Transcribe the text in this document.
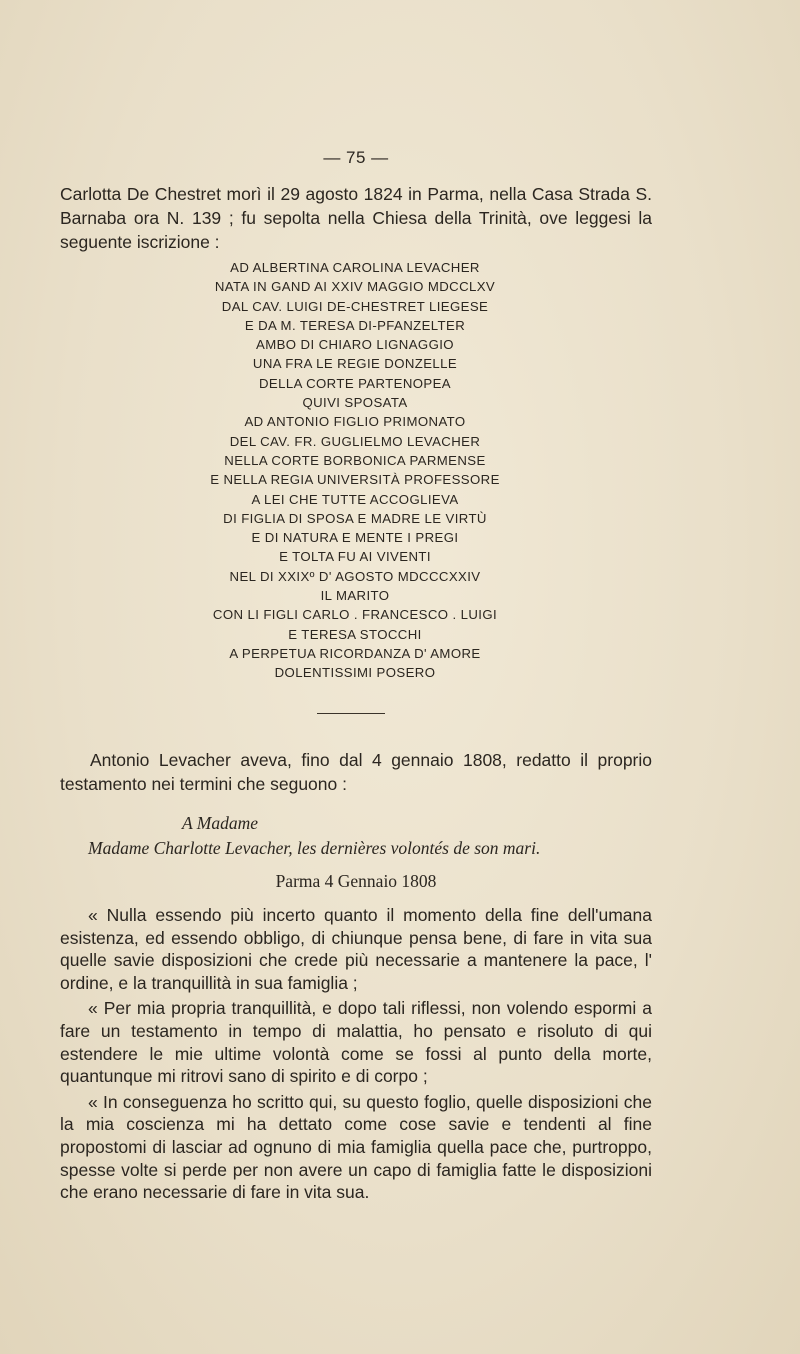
— 75 —

Carlotta De Chestret morì il 29 agosto 1824 in Parma, nella Casa Strada S. Barnaba ora N. 139 ; fu sepolta nella Chiesa della Trinità, ove leggesi la seguente iscrizione :

AD ALBERTINA CAROLINA LEVACHER
NATA IN GAND AI XXIV MAGGIO MDCCLXV
DAL CAV. LUIGI DE-CHESTRET LIEGESE
E DA M. TERESA DI-PFANZELTER
AMBO DI CHIARO LIGNAGGIO
UNA FRA LE REGIE DONZELLE
DELLA CORTE PARTENOPEA
QUIVI SPOSATA
AD ANTONIO FIGLIO PRIMONATO
DEL CAV. FR. GUGLIELMO LEVACHER
NELLA CORTE BORBONICA PARMENSE
E NELLA REGIA UNIVERSITÀ PROFESSORE
A LEI CHE TUTTE ACCOGLIEVA
DI FIGLIA DI SPOSA E MADRE LE VIRTÙ
E DI NATURA E MENTE I PREGI
E TOLTA FU AI VIVENTI
NEL DI XXIXº D' AGOSTO MDCCCXXIV
IL MARITO
CON LI FIGLI CARLO . FRANCESCO . LUIGI
E TERESA STOCCHI
A PERPETUA RICORDANZA D' AMORE
DOLENTISSIMI POSERO

Antonio Levacher aveva, fino dal 4 gennaio 1808, redatto il proprio testamento nei termini che seguono :

A Madame
Madame Charlotte Levacher, les dernières volontés de son mari.
Parma 4 Gennaio 1808

« Nulla essendo più incerto quanto il momento della fine dell'umana esistenza, ed essendo obbligo, di chiunque pensa bene, di fare in vita sua quelle savie disposizioni che crede più necessarie a mantenere la pace, l' ordine, e la tranquillità in sua famiglia ;

« Per mia propria tranquillità, e dopo tali riflessi, non volendo espormi a fare un testamento in tempo di malattia, ho pensato e risoluto di qui estendere le mie ultime volontà come se fossi al punto della morte, quantunque mi ritrovi sano di spirito e di corpo ;

« In conseguenza ho scritto qui, su questo foglio, quelle disposizioni che la mia coscienza mi ha dettato come cose savie e tendenti al fine propostomi di lasciar ad ognuno di mia famiglia quella pace che, purtroppo, spesse volte si perde per non avere un capo di famiglia fatte le disposizioni che erano necessarie di fare in vita sua.
